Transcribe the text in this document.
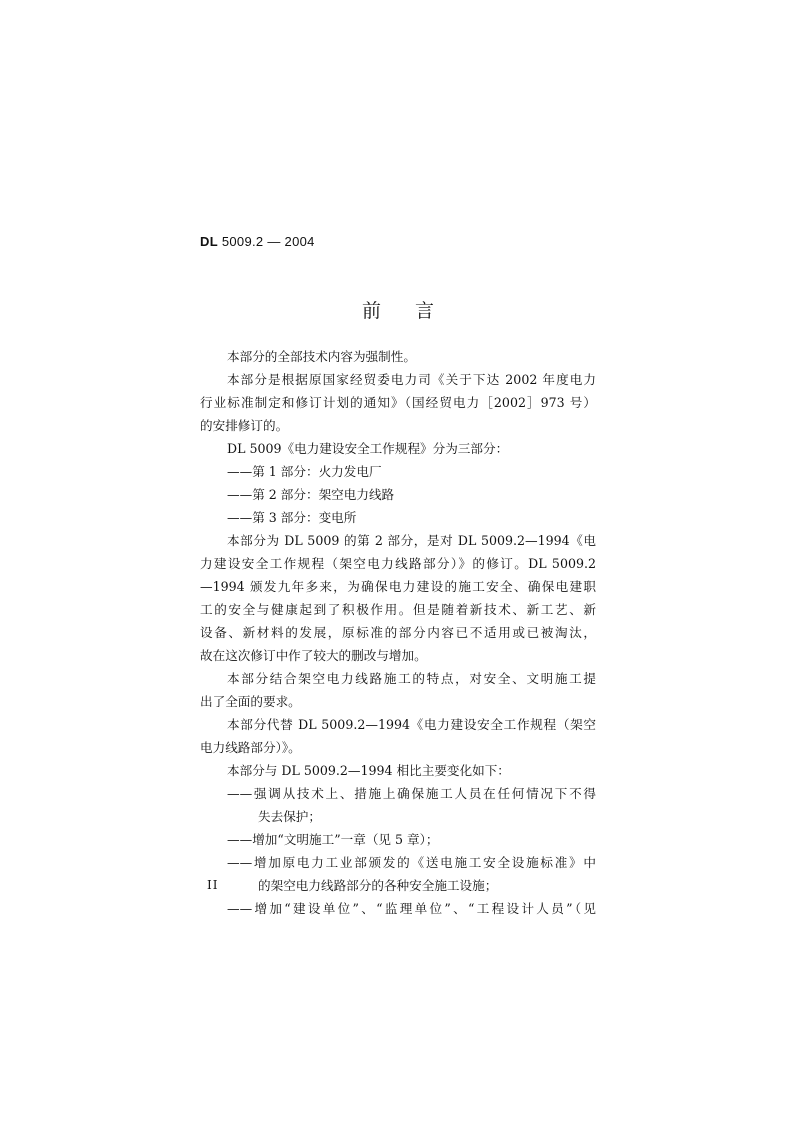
DL 5009.2 — 2004
前言
本部分的全部技术内容为强制性。
本部分是根据原国家经贸委电力司《关于下达 2002 年度电力
行业标准制定和修订计划的通知》（国经贸电力［2002］973 号）
的安排修订的。
DL 5009《电力建设安全工作规程》分为三部分：
——第 1 部分：火力发电厂
——第 2 部分：架空电力线路
——第 3 部分：变电所
本部分为 DL 5009 的第 2 部分，是对 DL 5009.2—1994《电
力建设安全工作规程（架空电力线路部分）》的修订。DL 5009.2
—1994 颁发九年多来，为确保电力建设的施工安全、确保电建职
工的安全与健康起到了积极作用。但是随着新技术、新工艺、新
设备、新材料的发展，原标准的部分内容已不适用或已被淘汰，
故在这次修订中作了较大的删改与增加。
本部分结合架空电力线路施工的特点，对安全、文明施工提
出了全面的要求。
本部分代替 DL 5009.2—1994《电力建设安全工作规程（架空
电力线路部分）》。
本部分与 DL 5009.2—1994 相比主要变化如下：
——强调从技术上、措施上确保施工人员在任何情况下不得
失去保护；
——增加“文明施工”一章（见 5 章）；
——增加原电力工业部颁发的《送电施工安全设施标准》中
的架空电力线路部分的各种安全施工设施；
——增加“建设单位”、“监理单位”、“工程设计人员”（见
II
